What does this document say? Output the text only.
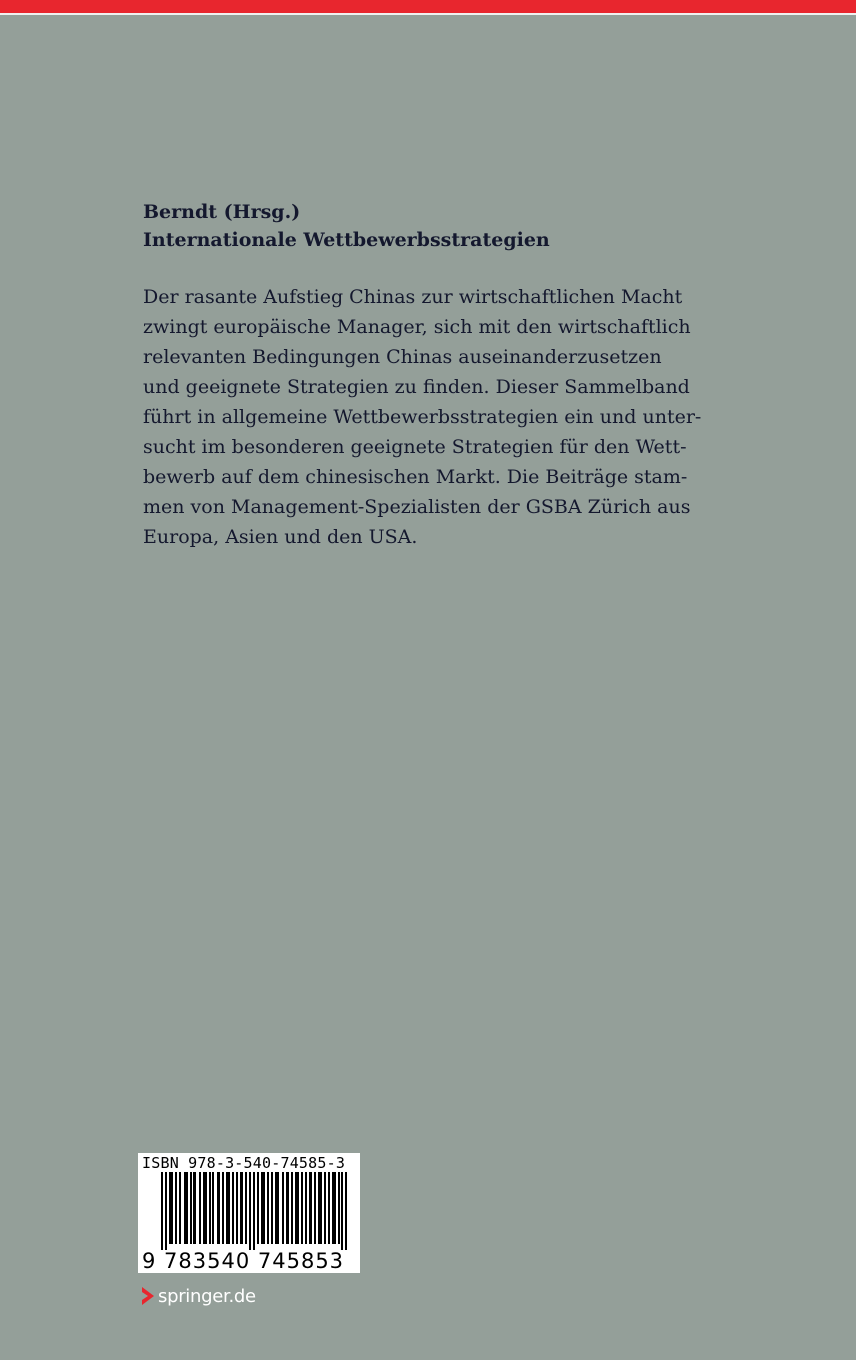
Berndt (Hrsg.)
Internationale Wettbewerbsstrategien
Der rasante Aufstieg Chinas zur wirtschaftlichen Macht
zwingt europäische Manager, sich mit den wirtschaftlich
relevanten Bedingungen Chinas auseinanderzusetzen
und geeignete Strategien zu finden. Dieser Sammelband
führt in allgemeine Wettbewerbsstrategien ein und unter-
sucht im besonderen geeignete Strategien für den Wett-
bewerb auf dem chinesischen Markt. Die Beiträge stam-
men von Management-Spezialisten der GSBA Zürich aus
Europa, Asien und den USA.
ISBN 978-3-540-74585-3
9 783540 745853
springer.de
